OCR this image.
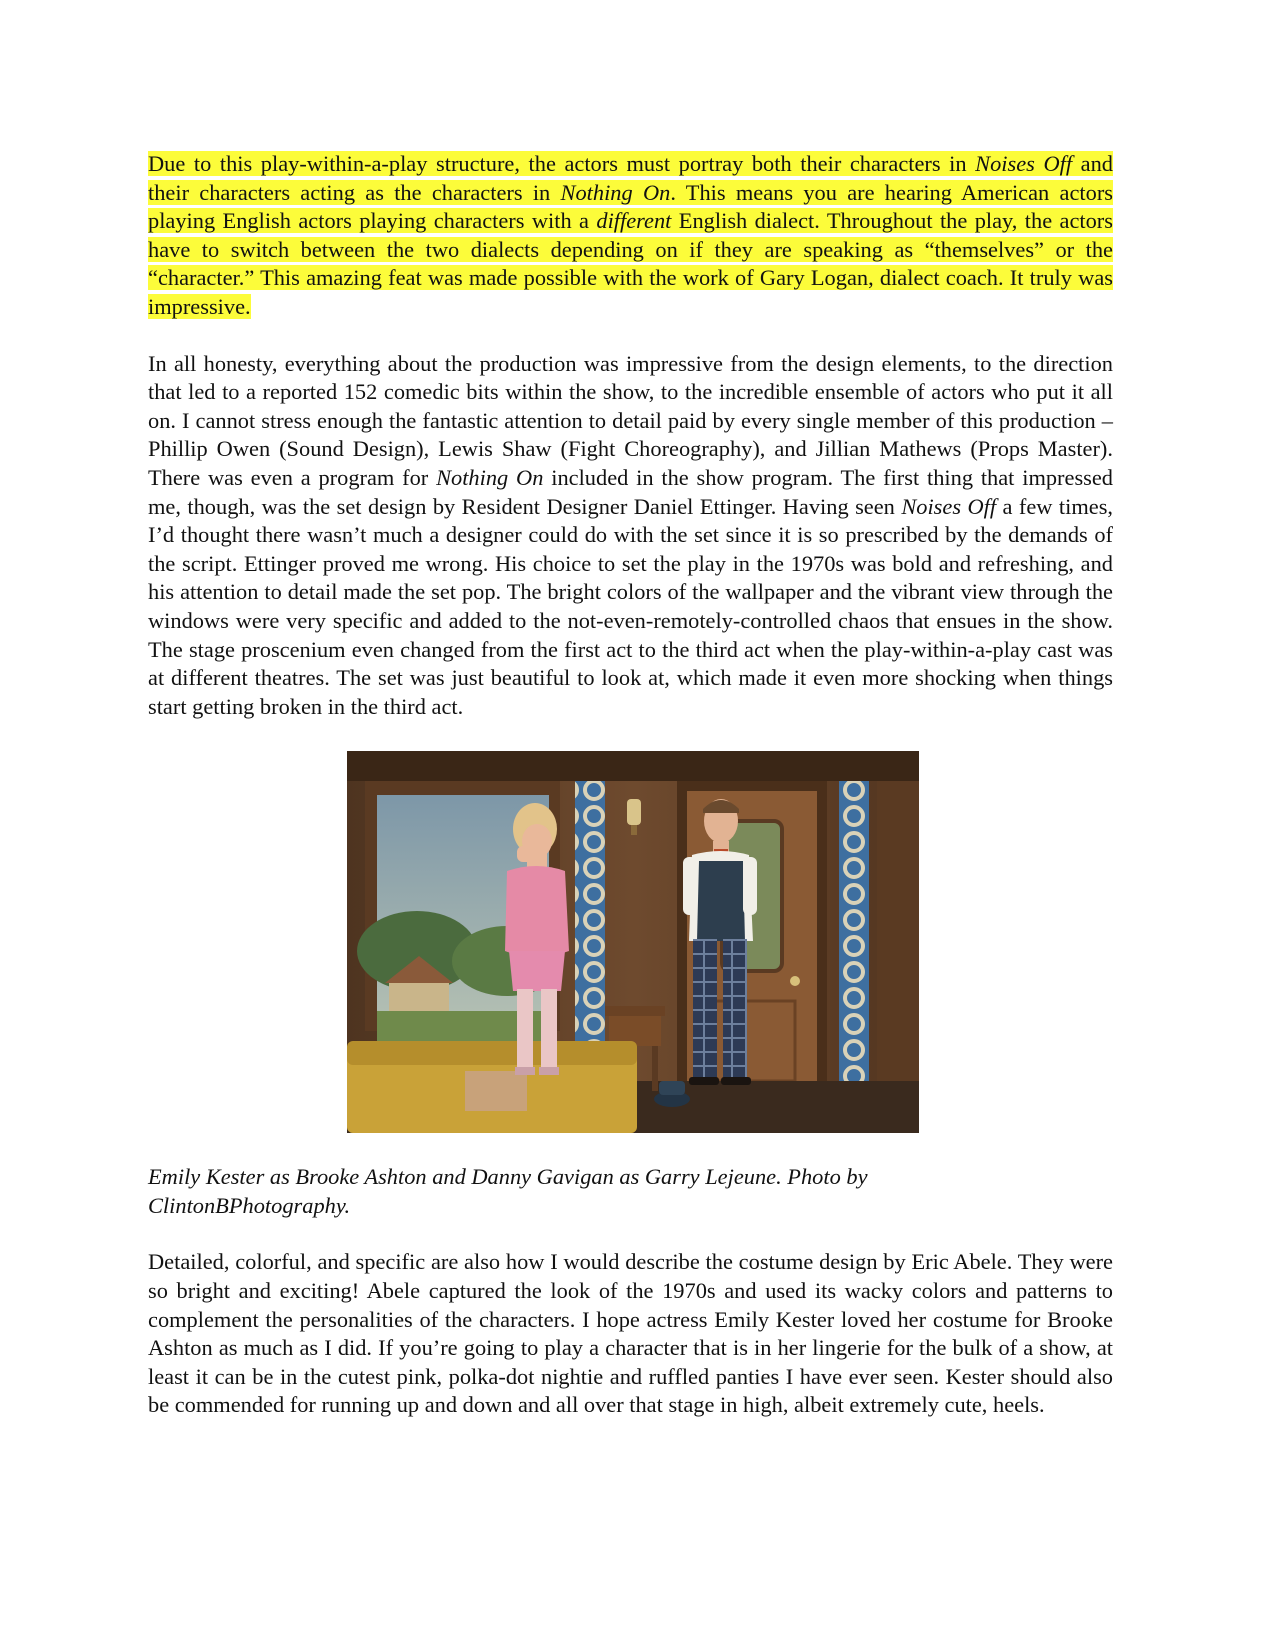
Due to this play-within-a-play structure, the actors must portray both their characters in Noises Off and their characters acting as the characters in Nothing On. This means you are hearing American actors playing English actors playing characters with a different English dialect. Throughout the play, the actors have to switch between the two dialects depending on if they are speaking as “themselves” or the “character.” This amazing feat was made possible with the work of Gary Logan, dialect coach. It truly was impressive.

In all honesty, everything about the production was impressive from the design elements, to the direction that led to a reported 152 comedic bits within the show, to the incredible ensemble of actors who put it all on. I cannot stress enough the fantastic attention to detail paid by every single member of this production – Phillip Owen (Sound Design), Lewis Shaw (Fight Choreography), and Jillian Mathews (Props Master). There was even a program for Nothing On included in the show program. The first thing that impressed me, though, was the set design by Resident Designer Daniel Ettinger. Having seen Noises Off a few times, I’d thought there wasn’t much a designer could do with the set since it is so prescribed by the demands of the script. Ettinger proved me wrong. His choice to set the play in the 1970s was bold and refreshing, and his attention to detail made the set pop. The bright colors of the wallpaper and the vibrant view through the windows were very specific and added to the not-even-remotely-controlled chaos that ensues in the show. The stage proscenium even changed from the first act to the third act when the play-within-a-play cast was at different theatres. The set was just beautiful to look at, which made it even more shocking when things start getting broken in the third act.

Emily Kester as Brooke Ashton and Danny Gavigan as Garry Lejeune. Photo by ClintonBPhotography.

Detailed, colorful, and specific are also how I would describe the costume design by Eric Abele. They were so bright and exciting! Abele captured the look of the 1970s and used its wacky colors and patterns to complement the personalities of the characters. I hope actress Emily Kester loved her costume for Brooke Ashton as much as I did. If you’re going to play a character that is in her lingerie for the bulk of a show, at least it can be in the cutest pink, polka-dot nightie and ruffled panties I have ever seen. Kester should also be commended for running up and down and all over that stage in high, albeit extremely cute, heels.
